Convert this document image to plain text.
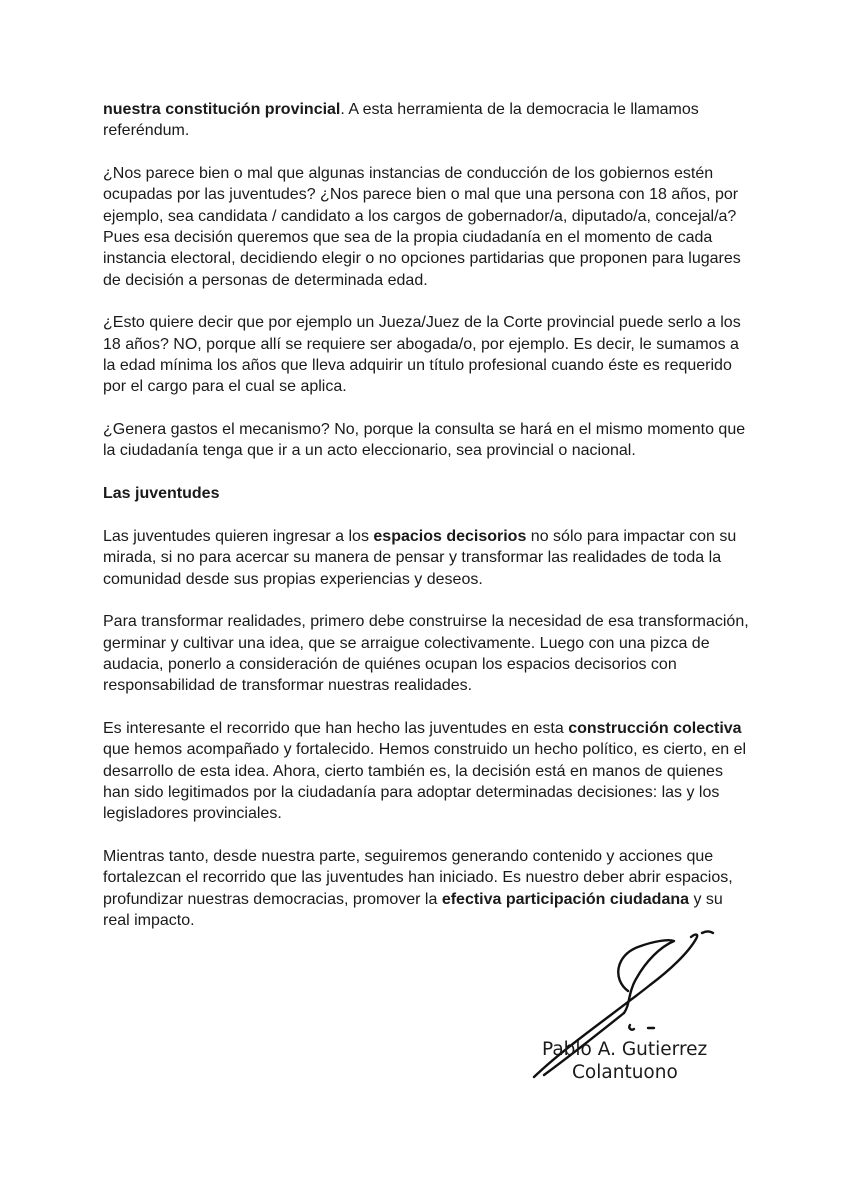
nuestra constitución provincial. A esta herramienta de la democracia le llamamos referéndum.

¿Nos parece bien o mal que algunas instancias de conducción de los gobiernos estén ocupadas por las juventudes? ¿Nos parece bien o mal que una persona con 18 años, por ejemplo, sea candidata / candidato a los cargos de gobernador/a, diputado/a, concejal/a? Pues esa decisión queremos que sea de la propia ciudadanía en el momento de cada instancia electoral, decidiendo elegir o no opciones partidarias que proponen para lugares de decisión a personas de determinada edad.

¿Esto quiere decir que por ejemplo un Jueza/Juez de la Corte provincial puede serlo a los 18 años? NO, porque allí se requiere ser abogada/o, por ejemplo. Es decir, le sumamos a la edad mínima los años que lleva adquirir un título profesional cuando éste es requerido por el cargo para el cual se aplica.

¿Genera gastos el mecanismo? No, porque la consulta se hará en el mismo momento que la ciudadanía tenga que ir a un acto eleccionario, sea provincial o nacional.

Las juventudes

Las juventudes quieren ingresar a los espacios decisorios no sólo para impactar con su mirada, si no para acercar su manera de pensar y transformar las realidades de toda la comunidad desde sus propias experiencias y deseos.

Para transformar realidades, primero debe construirse la necesidad de esa transformación, germinar y cultivar una idea, que se arraigue colectivamente. Luego con una pizca de audacia, ponerlo a consideración de quiénes ocupan los espacios decisorios con responsabilidad de transformar nuestras realidades.

Es interesante el recorrido que han hecho las juventudes en esta construcción colectiva que hemos acompañado y fortalecido. Hemos construido un hecho político, es cierto, en el desarrollo de esta idea. Ahora, cierto también es, la decisión está en manos de quienes han sido legitimados por la ciudadanía para adoptar determinadas decisiones: las y los legisladores provinciales.

Mientras tanto, desde nuestra parte, seguiremos generando contenido y acciones que fortalezcan el recorrido que las juventudes han iniciado. Es nuestro deber abrir espacios, profundizar nuestras democracias, promover la efectiva participación ciudadana y su real impacto.

Pablo A. Gutierrez
Colantuono
